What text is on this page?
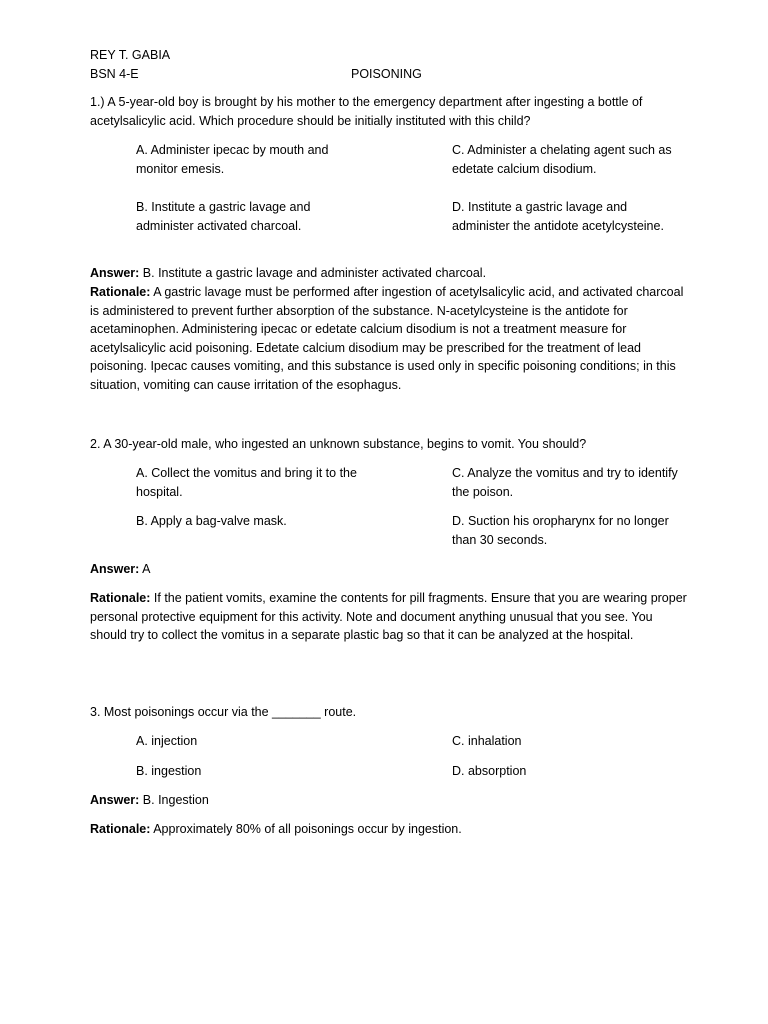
REY T. GABIA
BSN 4-E	POISONING
1.) A 5-year-old boy is brought by his mother to the emergency department after ingesting a bottle of acetylsalicylic acid. Which procedure should be initially instituted with this child?
A. Administer ipecac by mouth and monitor emesis.
C. Administer a chelating agent such as edetate calcium disodium.
B. Institute a gastric lavage and administer activated charcoal.
D. Institute a gastric lavage and administer the antidote acetylcysteine.
Answer: B. Institute a gastric lavage and administer activated charcoal.
Rationale: A gastric lavage must be performed after ingestion of acetylsalicylic acid, and activated charcoal is administered to prevent further absorption of the substance. N-acetylcysteine is the antidote for acetaminophen. Administering ipecac or edetate calcium disodium is not a treatment measure for acetylsalicylic acid poisoning. Edetate calcium disodium may be prescribed for the treatment of lead poisoning. Ipecac causes vomiting, and this substance is used only in specific poisoning conditions; in this situation, vomiting can cause irritation of the esophagus.
2. A 30-year-old male, who ingested an unknown substance, begins to vomit. You should?
A. Collect the vomitus and bring it to the hospital.
C. Analyze the vomitus and try to identify the poison.
B. Apply a bag-valve mask.	D. Suction his oropharynx for no longer than 30 seconds.
Answer: A
Rationale: If the patient vomits, examine the contents for pill fragments. Ensure that you are wearing proper personal protective equipment for this activity. Note and document anything unusual that you see. You should try to collect the vomitus in a separate plastic bag so that it can be analyzed at the hospital.
3. Most poisonings occur via the _______ route.
A. injection	C. inhalation
B. ingestion	D. absorption
Answer: B. Ingestion
Rationale: Approximately 80% of all poisonings occur by ingestion.
